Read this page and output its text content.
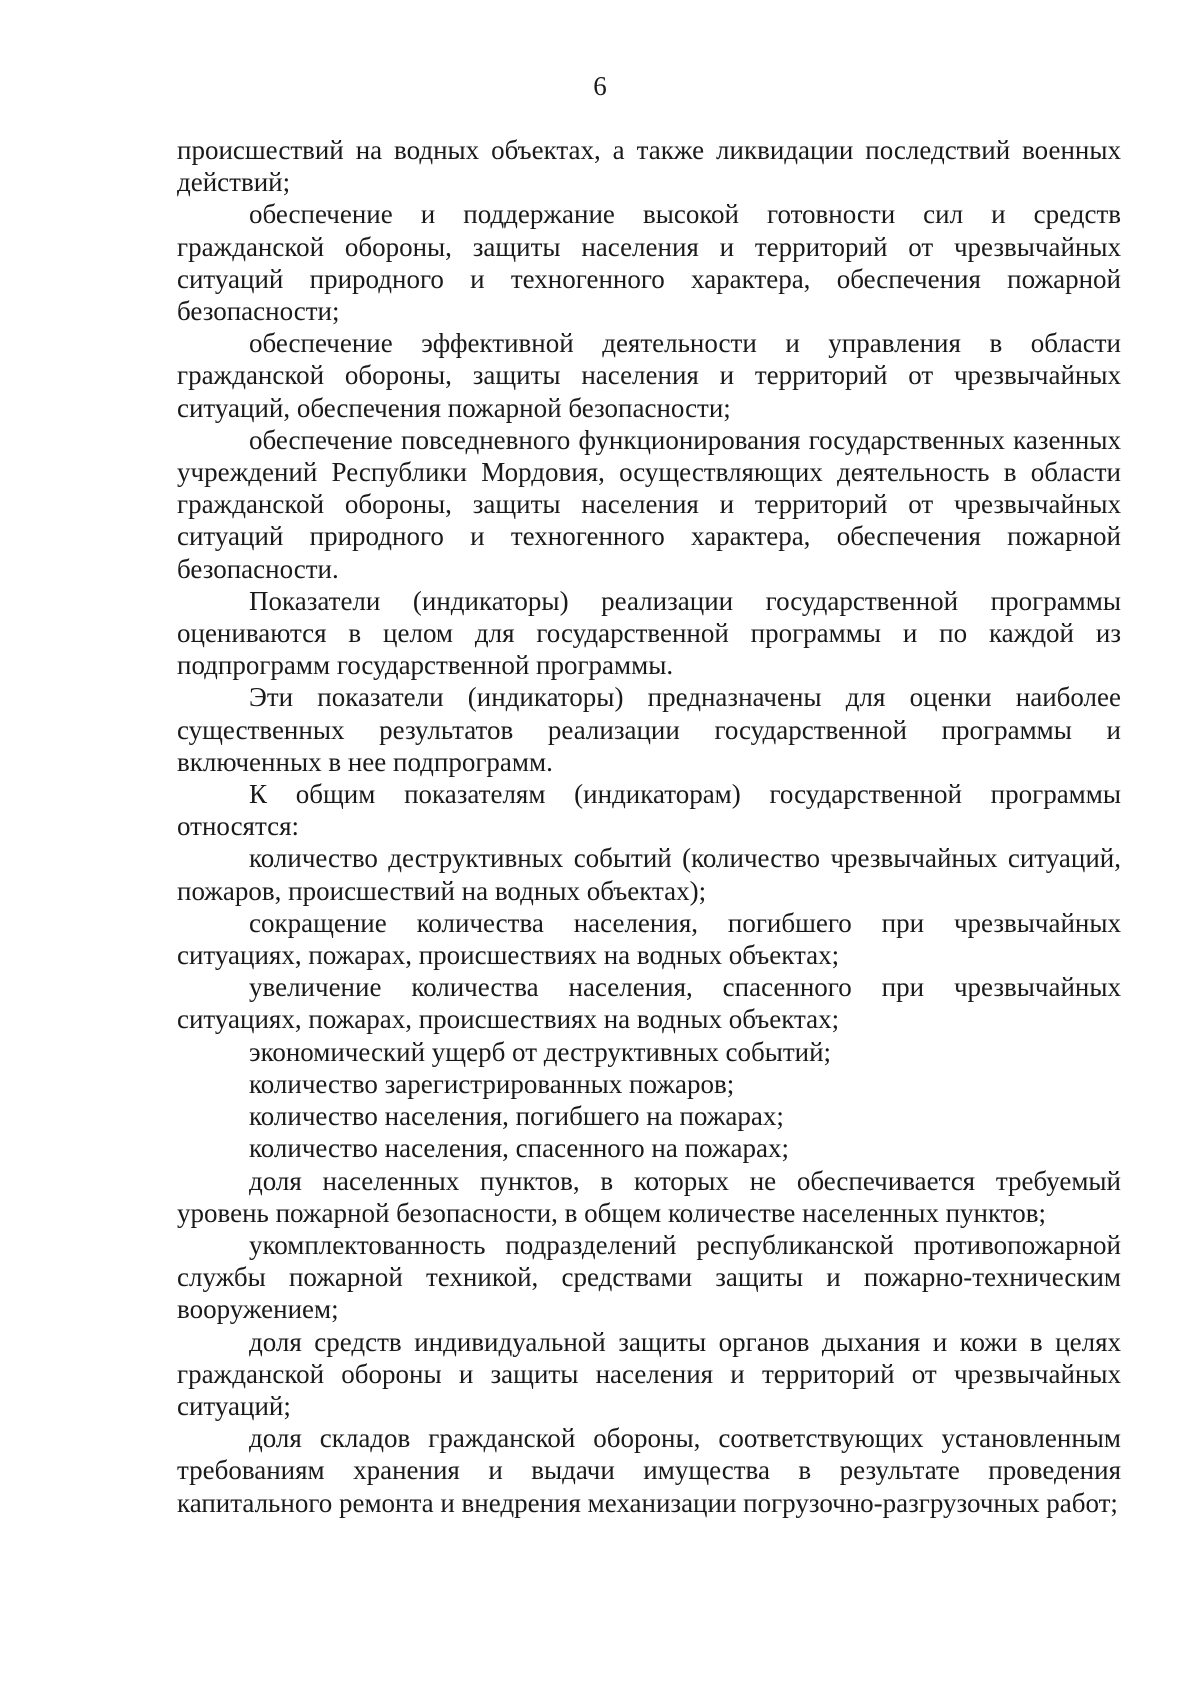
6

происшествий на водных объектах, а также ликвидации последствий военных действий;

обеспечение и поддержание высокой готовности сил и средств гражданской обороны, защиты населения и территорий от чрезвычайных ситуаций природного и техногенного характера, обеспечения пожарной безопасности;

обеспечение эффективной деятельности и управления в области гражданской обороны, защиты населения и территорий от чрезвычайных ситуаций, обеспечения пожарной безопасности;

обеспечение повседневного функционирования государственных казенных учреждений Республики Мордовия, осуществляющих деятельность в области гражданской обороны, защиты населения и территорий от чрезвычайных ситуаций природного и техногенного характера, обеспечения пожарной безопасности.

Показатели (индикаторы) реализации государственной программы оцениваются в целом для государственной программы и по каждой из подпрограмм государственной программы.

Эти показатели (индикаторы) предназначены для оценки наиболее существенных результатов реализации государственной программы и включенных в нее подпрограмм.

К общим показателям (индикаторам) государственной программы относятся:

количество деструктивных событий (количество чрезвычайных ситуаций, пожаров, происшествий на водных объектах);

сокращение количества населения, погибшего при чрезвычайных ситуациях, пожарах, происшествиях на водных объектах;

увеличение количества населения, спасенного при чрезвычайных ситуациях, пожарах, происшествиях на водных объектах;

экономический ущерб от деструктивных событий;

количество зарегистрированных пожаров;

количество населения, погибшего на пожарах;

количество населения, спасенного на пожарах;

доля населенных пунктов, в которых не обеспечивается требуемый уровень пожарной безопасности, в общем количестве населенных пунктов;

укомплектованность подразделений республиканской противопожарной службы пожарной техникой, средствами защиты и пожарно-техническим вооружением;

доля средств индивидуальной защиты органов дыхания и кожи в целях гражданской обороны и защиты населения и территорий от чрезвычайных ситуаций;

доля складов гражданской обороны, соответствующих установленным требованиям хранения и выдачи имущества в результате проведения капитального ремонта и внедрения механизации погрузочно-разгрузочных работ;
